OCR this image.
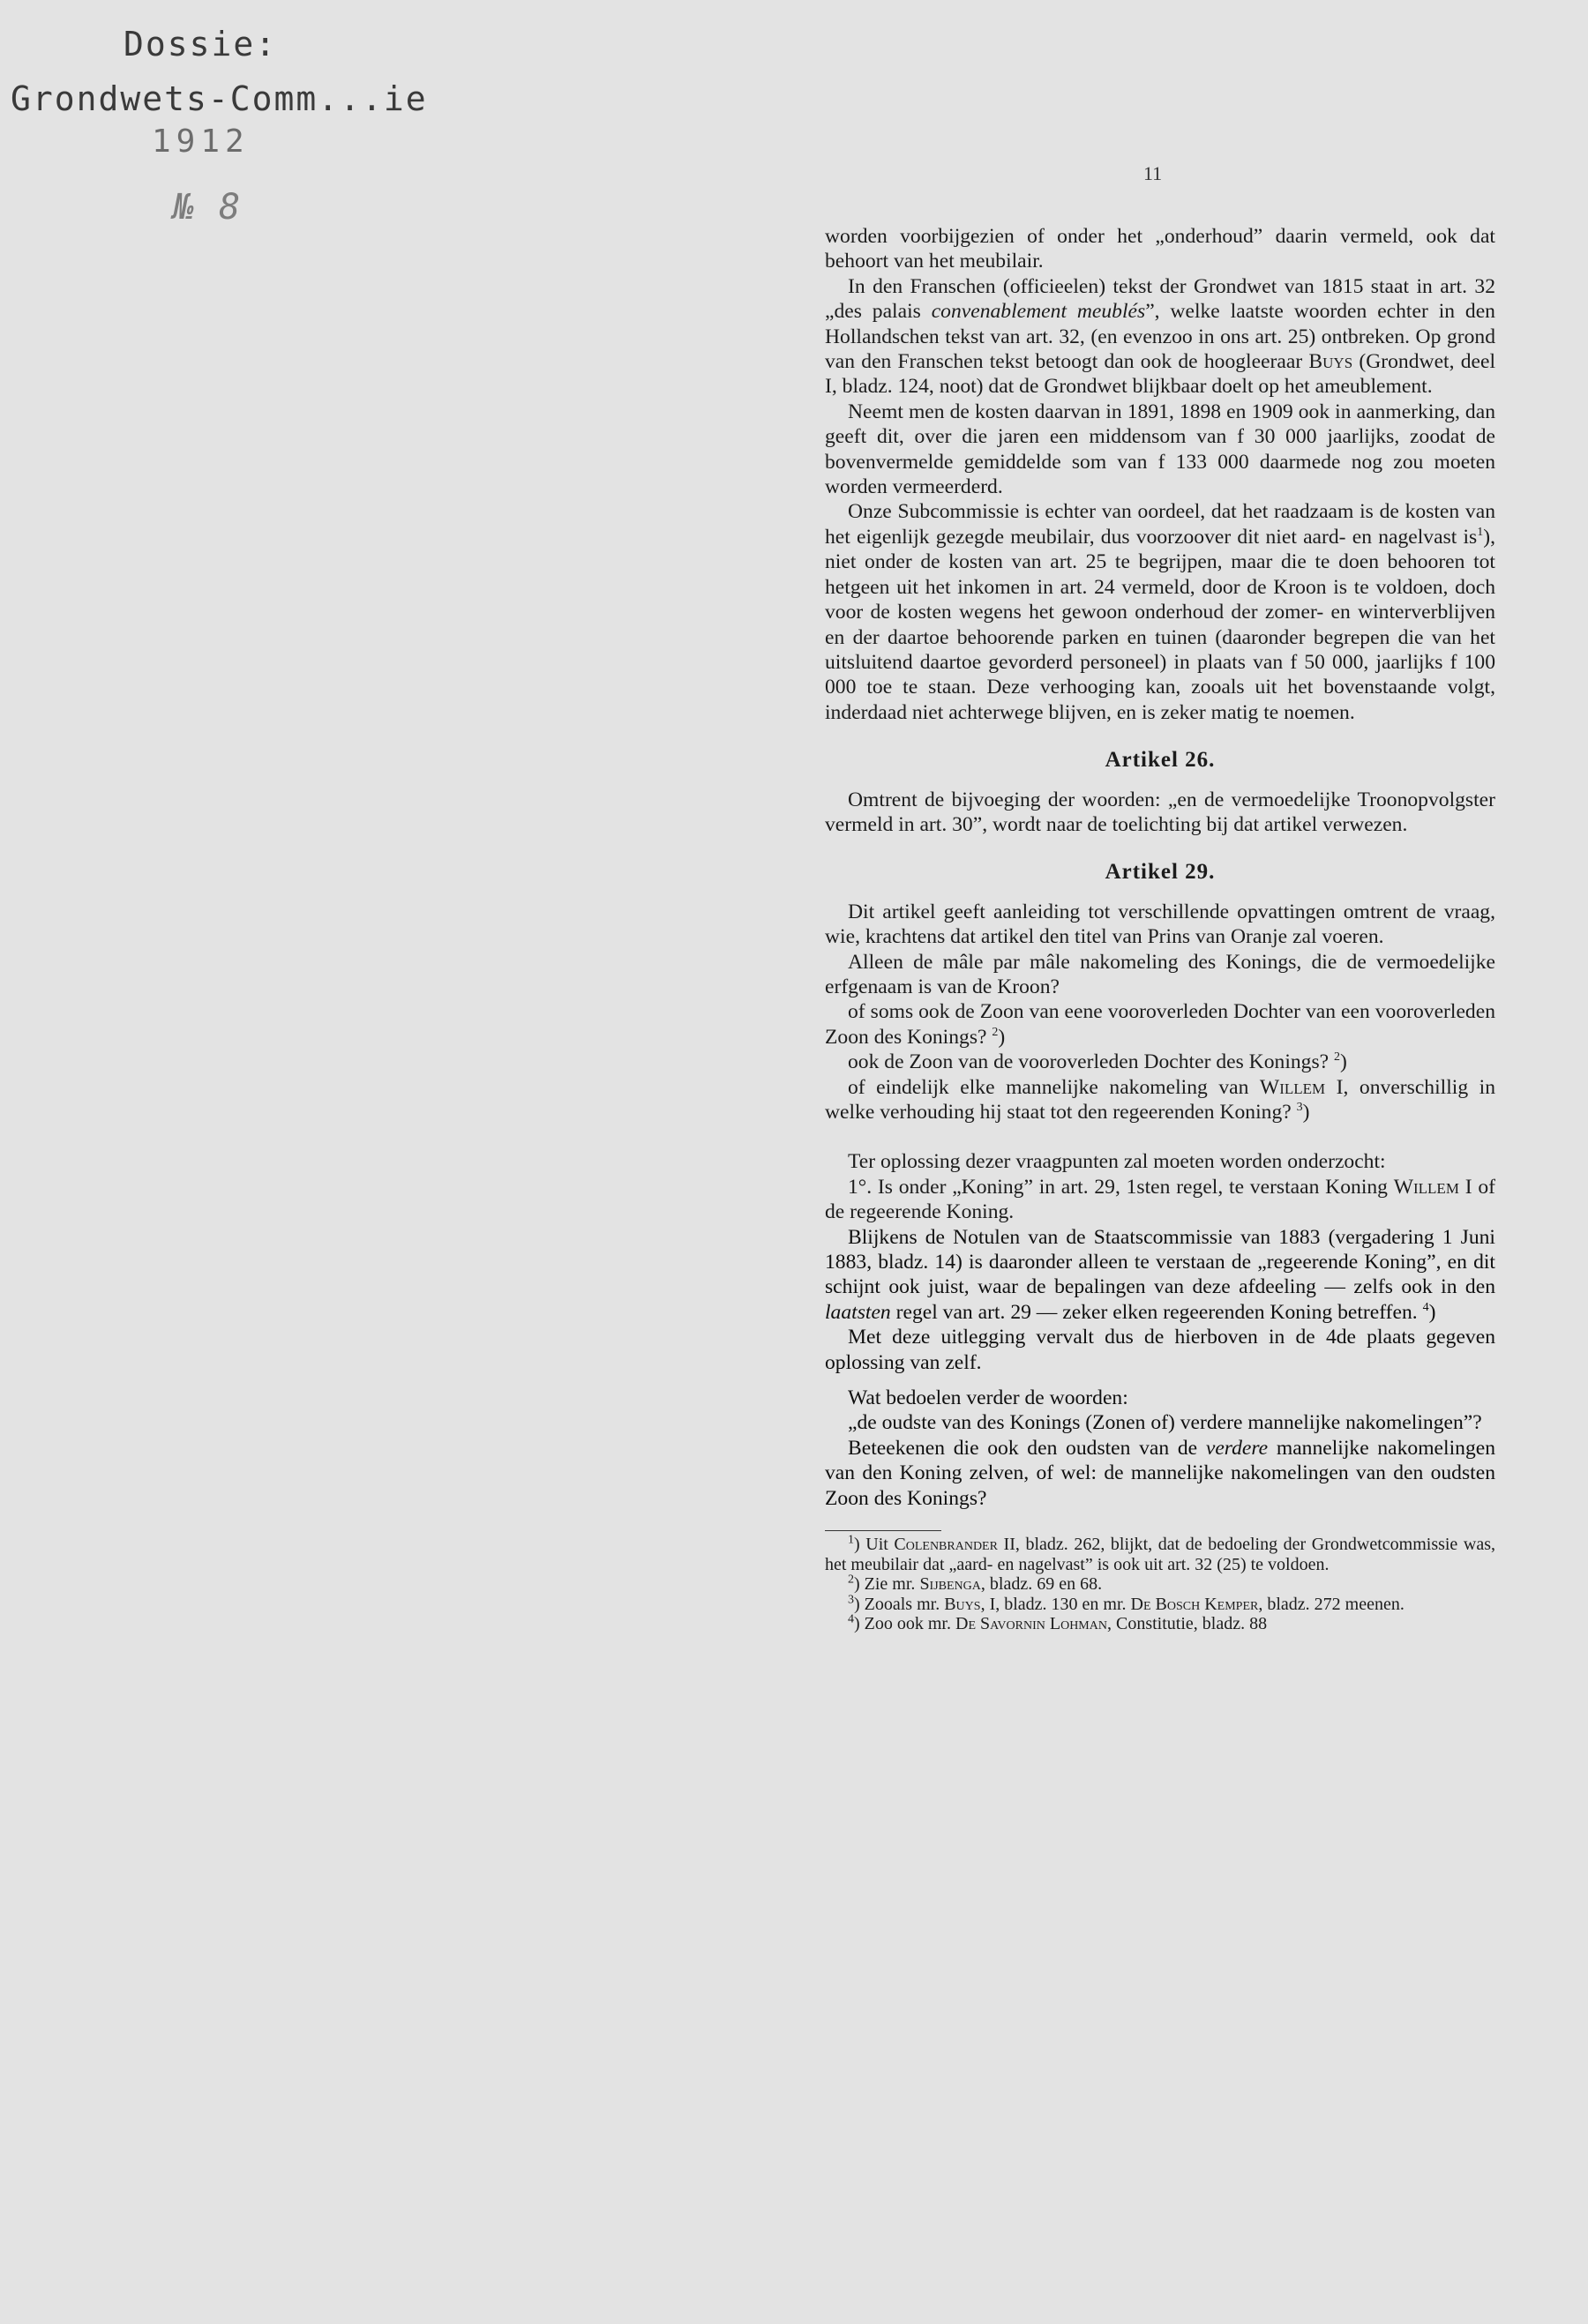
Dossie:
Grondwets-Comm...ie
1912
№ 8
11

worden voorbijgezien of onder het „onderhoud” daarin vermeld, ook dat behoort van het meubilair.

In den Franschen (officieelen) tekst der Grondwet van 1815 staat in art. 32 „des palais convenablement meublés”, welke laatste woorden echter in den Hollandschen tekst van art. 32, (en evenzoo in ons art. 25) ontbreken. Op grond van den Franschen tekst betoogt dan ook de hoogleeraar Buys (Grondwet, deel I, bladz. 124, noot) dat de Grondwet blijkbaar doelt op het ameublement.

Neemt men de kosten daarvan in 1891, 1898 en 1909 ook in aanmerking, dan geeft dit, over die jaren een middensom van f 30 000 jaarlijks, zoodat de bovenvermelde gemiddelde som van f 133 000 daarmede nog zou moeten worden vermeerderd.

Onze Subcommissie is echter van oordeel, dat het raadzaam is de kosten van het eigenlijk gezegde meubilair, dus voorzoover dit niet aard- en nagelvast $is^1$), niet onder de kosten van art. 25 te begrijpen, maar die te doen behooren tot hetgeen uit het inkomen in art. 24 vermeld, door de Kroon is te voldoen, doch voor de kosten wegens het gewoon onderhoud der zomer- en winterverblijven en der daartoe behoorende parken en tuinen (daaronder begrepen die van het uitsluitend daartoe gevorderd personeel) in plaats van f 50 000, jaarlijks f 100 000 toe te staan. Deze verhooging kan, zooals uit het bovenstaande volgt, inderdaad niet achterwege blijven, en is zeker matig te noemen.

Artikel 26.

Omtrent de bijvoeging der woorden: „en de vermoedelijke Troonopvolgster vermeld in art. 30”, wordt naar de toelichting bij dat artikel verwezen.

Artikel 29.

Dit artikel geeft aanleiding tot verschillende opvattingen omtrent de vraag, wie, krachtens dat artikel den titel van Prins van Oranje zal voeren.

Alleen de mâle par mâle nakomeling des Konings, die de vermoedelijke erfgenaam is van de Kroon?

of soms ook de Zoon van eene vooroverleden Dochter van een vooroverleden Zoon des Konings? $^2$)

ook de Zoon van de vooroverleden Dochter des Konings? $^2$)

of eindelijk elke mannelijke nakomeling van Willem I, onverschillig in welke verhouding hij staat tot den regeerenden Koning? $^3$)

Ter oplossing dezer vraagpunten zal moeten worden onderzocht:

1°. Is onder „Koning” in art. 29, 1sten regel, te verstaan Koning Willem I of de regeerende Koning.

Blijkens de Notulen van de Staatscommissie van 1883 (vergadering 1 Juni 1883, bladz. 14) is daaronder alleen te verstaan de „regeerende Koning”, en dit schijnt ook juist, waar de bepalingen van deze afdeeling — zelfs ook in den laatsten regel van art. 29 — zeker elken regeerenden Koning betreffen. $^4$)

Met deze uitlegging vervalt dus de hierboven in de 4de plaats gegeven oplossing van zelf.

Wat bedoelen verder de woorden:

„de oudste van des Konings (Zonen of) verdere mannelijke nakomelingen”?

Beteekenen die ook den oudsten van de verdere mannelijke nakomelingen van den Koning zelven, of wel: de mannelijke nakomelingen van den oudsten Zoon des Konings?

$^1$) Uit Colenbrander II, bladz. 262, blijkt, dat de bedoeling der Grondwetcommissie was, het meubilair dat „aard- en nagelvast” is ook uit art. 32 (25) te voldoen.

$^2$) Zie mr. Sijbenga, bladz. 69 en 68.

$^3$) Zooals mr. Buys, I, bladz. 130 en mr. De Bosch Kemper, bladz. 272 meenen.

$^4$) Zoo ook mr. De Savornin Lohman, Constitutie, bladz. 88
